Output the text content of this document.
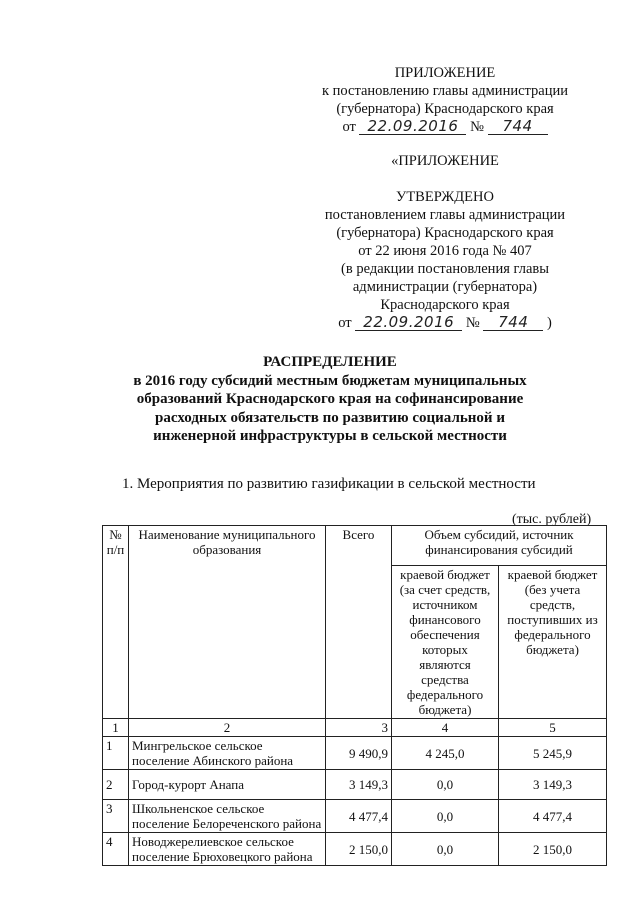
ПРИЛОЖЕНИЕ
к постановлению главы администрации
(губернатора) Краснодарского края
от 22.09.2016 № 744
«ПРИЛОЖЕНИЕ
УТВЕРЖДЕНО
постановлением главы администрации
(губернатора) Краснодарского края
от 22 июня 2016 года № 407
(в редакции постановления главы
администрации (губернатора)
Краснодарского края
от 22.09.2016 № 744 )
РАСПРЕДЕЛЕНИЕ
в 2016 году субсидий местным бюджетам муниципальных
образований Краснодарского края на софинансирование
расходных обязательств по развитию социальной и
инженерной инфраструктуры в сельской местности
1. Мероприятия по развитию газификации в сельской местности
(тыс. рублей)
№ п/п	Наименование муниципального образования	Всего	Объем субсидий, источник финансирования субсидий	
			краевой бюджет (за счет средств, источником финансового обеспечения которых являются средства федерального бюджета)	краевой бюджет (без учета средств, поступивших из федерального бюджета)
1	2	3	4	5
1	Мингрельское сельское поселение Абинского района	9 490,9	4 245,0	5 245,9
2	Город-курорт Анапа	3 149,3	0,0	3 149,3
3	Школьненское сельское поселение Белореченского района	4 477,4	0,0	4 477,4
4	Новоджерелиевское сельское поселение Брюховецкого района	2 150,0	0,0	2 150,0
